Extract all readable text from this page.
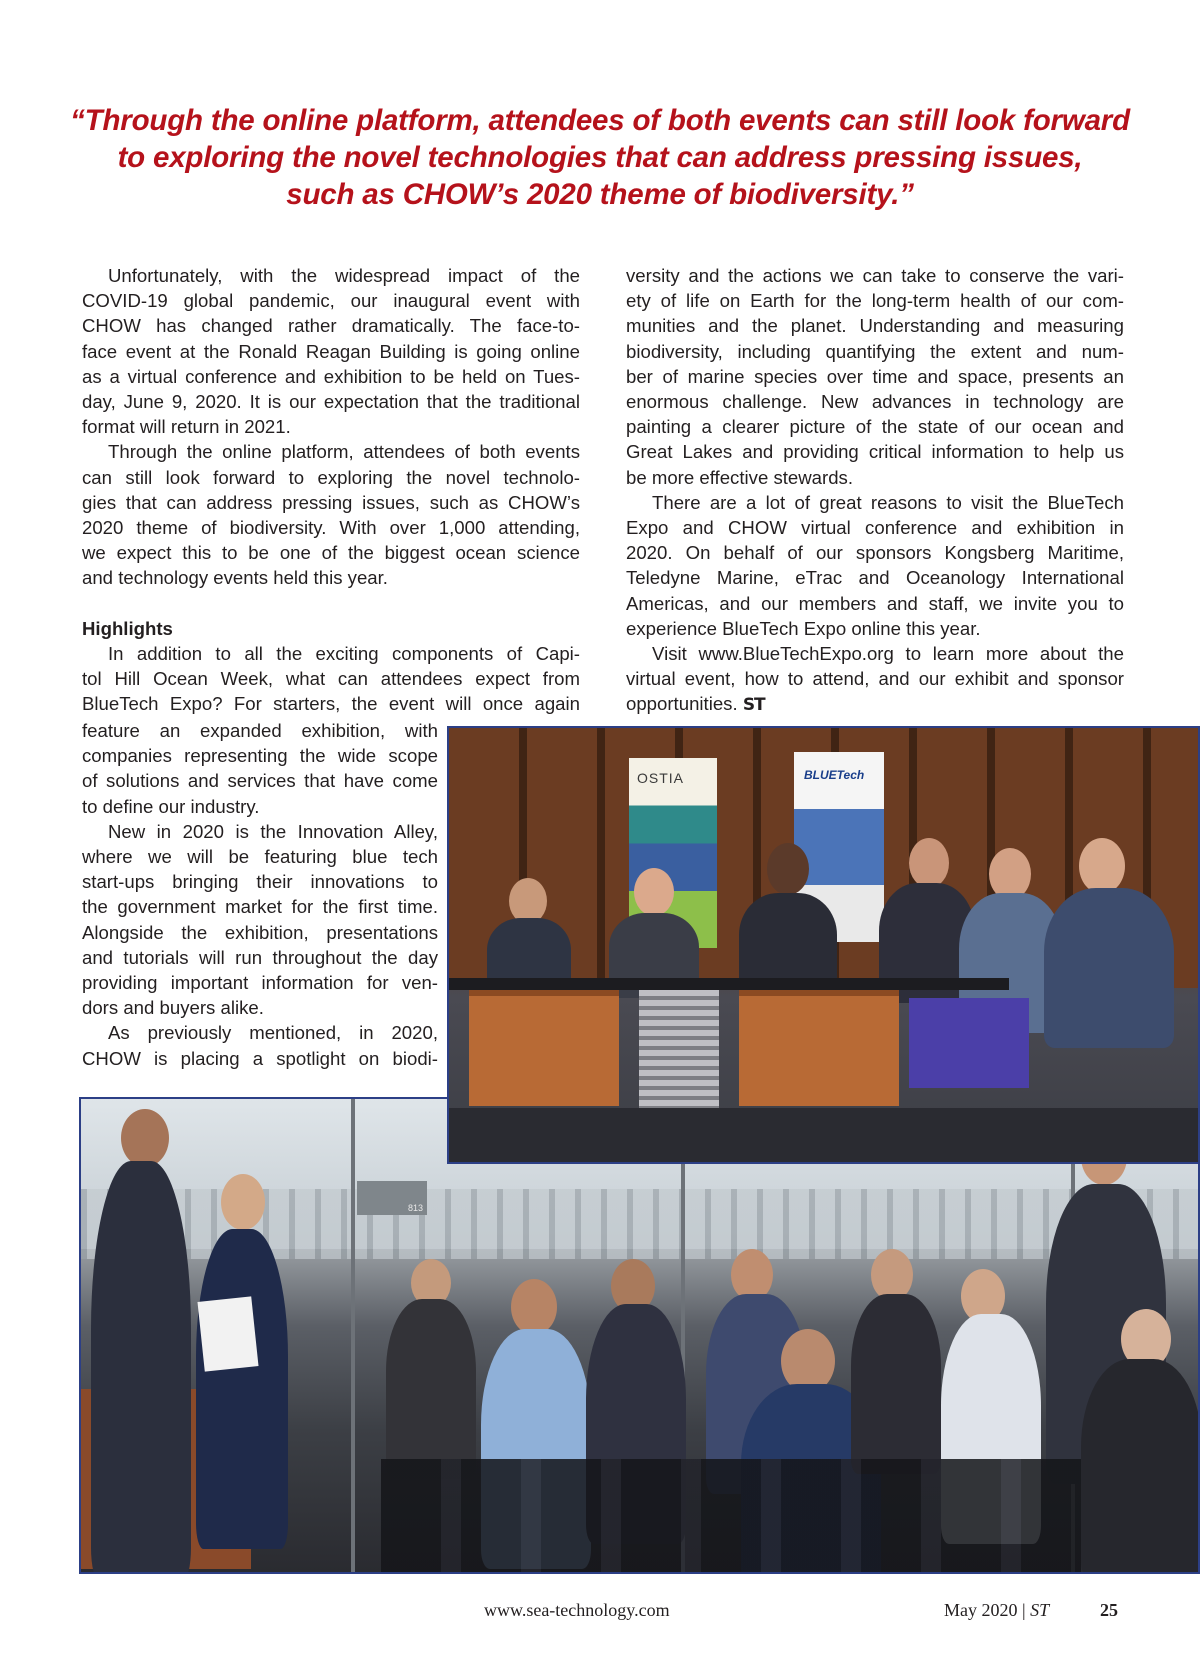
“Through the online platform, attendees of both events can still look forward
to exploring the novel technologies that can address pressing issues,
such as CHOW’s 2020 theme of biodiversity.”
Unfortunately, with the widespread impact of the
COVID-19 global pandemic, our inaugural event with
CHOW has changed rather dramatically. The face-to-
face event at the Ronald Reagan Building is going online
as a virtual conference and exhibition to be held on Tues-
day, June 9, 2020. It is our expectation that the traditional
format will return in 2021.
Through the online platform, attendees of both events
can still look forward to exploring the novel technolo-
gies that can address pressing issues, such as CHOW’s
2020 theme of biodiversity. With over 1,000 attending,
we expect this to be one of the biggest ocean science
and technology events held this year.
Highlights
In addition to all the exciting components of Capi-
tol Hill Ocean Week, what can attendees expect from
BlueTech Expo? For starters, the event will once again
feature an expanded exhibition, with
companies representing the wide scope
of solutions and services that have come
to define our industry.
New in 2020 is the Innovation Alley,
where we will be featuring blue tech
start-ups bringing their innovations to
the government market for the first time.
Alongside the exhibition, presentations
and tutorials will run throughout the day
providing important information for ven-
dors and buyers alike.
As previously mentioned, in 2020,
CHOW is placing a spotlight on biodi-
versity and the actions we can take to conserve the vari-
ety of life on Earth for the long-term health of our com-
munities and the planet. Understanding and measuring
biodiversity, including quantifying the extent and num-
ber of marine species over time and space, presents an
enormous challenge. New advances in technology are
painting a clearer picture of the state of our ocean and
Great Lakes and providing critical information to help us
be more effective stewards.
There are a lot of great reasons to visit the BlueTech
Expo and CHOW virtual conference and exhibition in
2020. On behalf of our sponsors Kongsberg Maritime,
Teledyne Marine, eTrac and Oceanology International
Americas, and our members and staff, we invite you to
experience BlueTech Expo online this year.
Visit www.BlueTechExpo.org to learn more about the
virtual event, how to attend, and our exhibit and sponsor
opportunities. ST
813
OSTIA	BLUETech
www.sea-technology.com	May 2020 | ST	25
